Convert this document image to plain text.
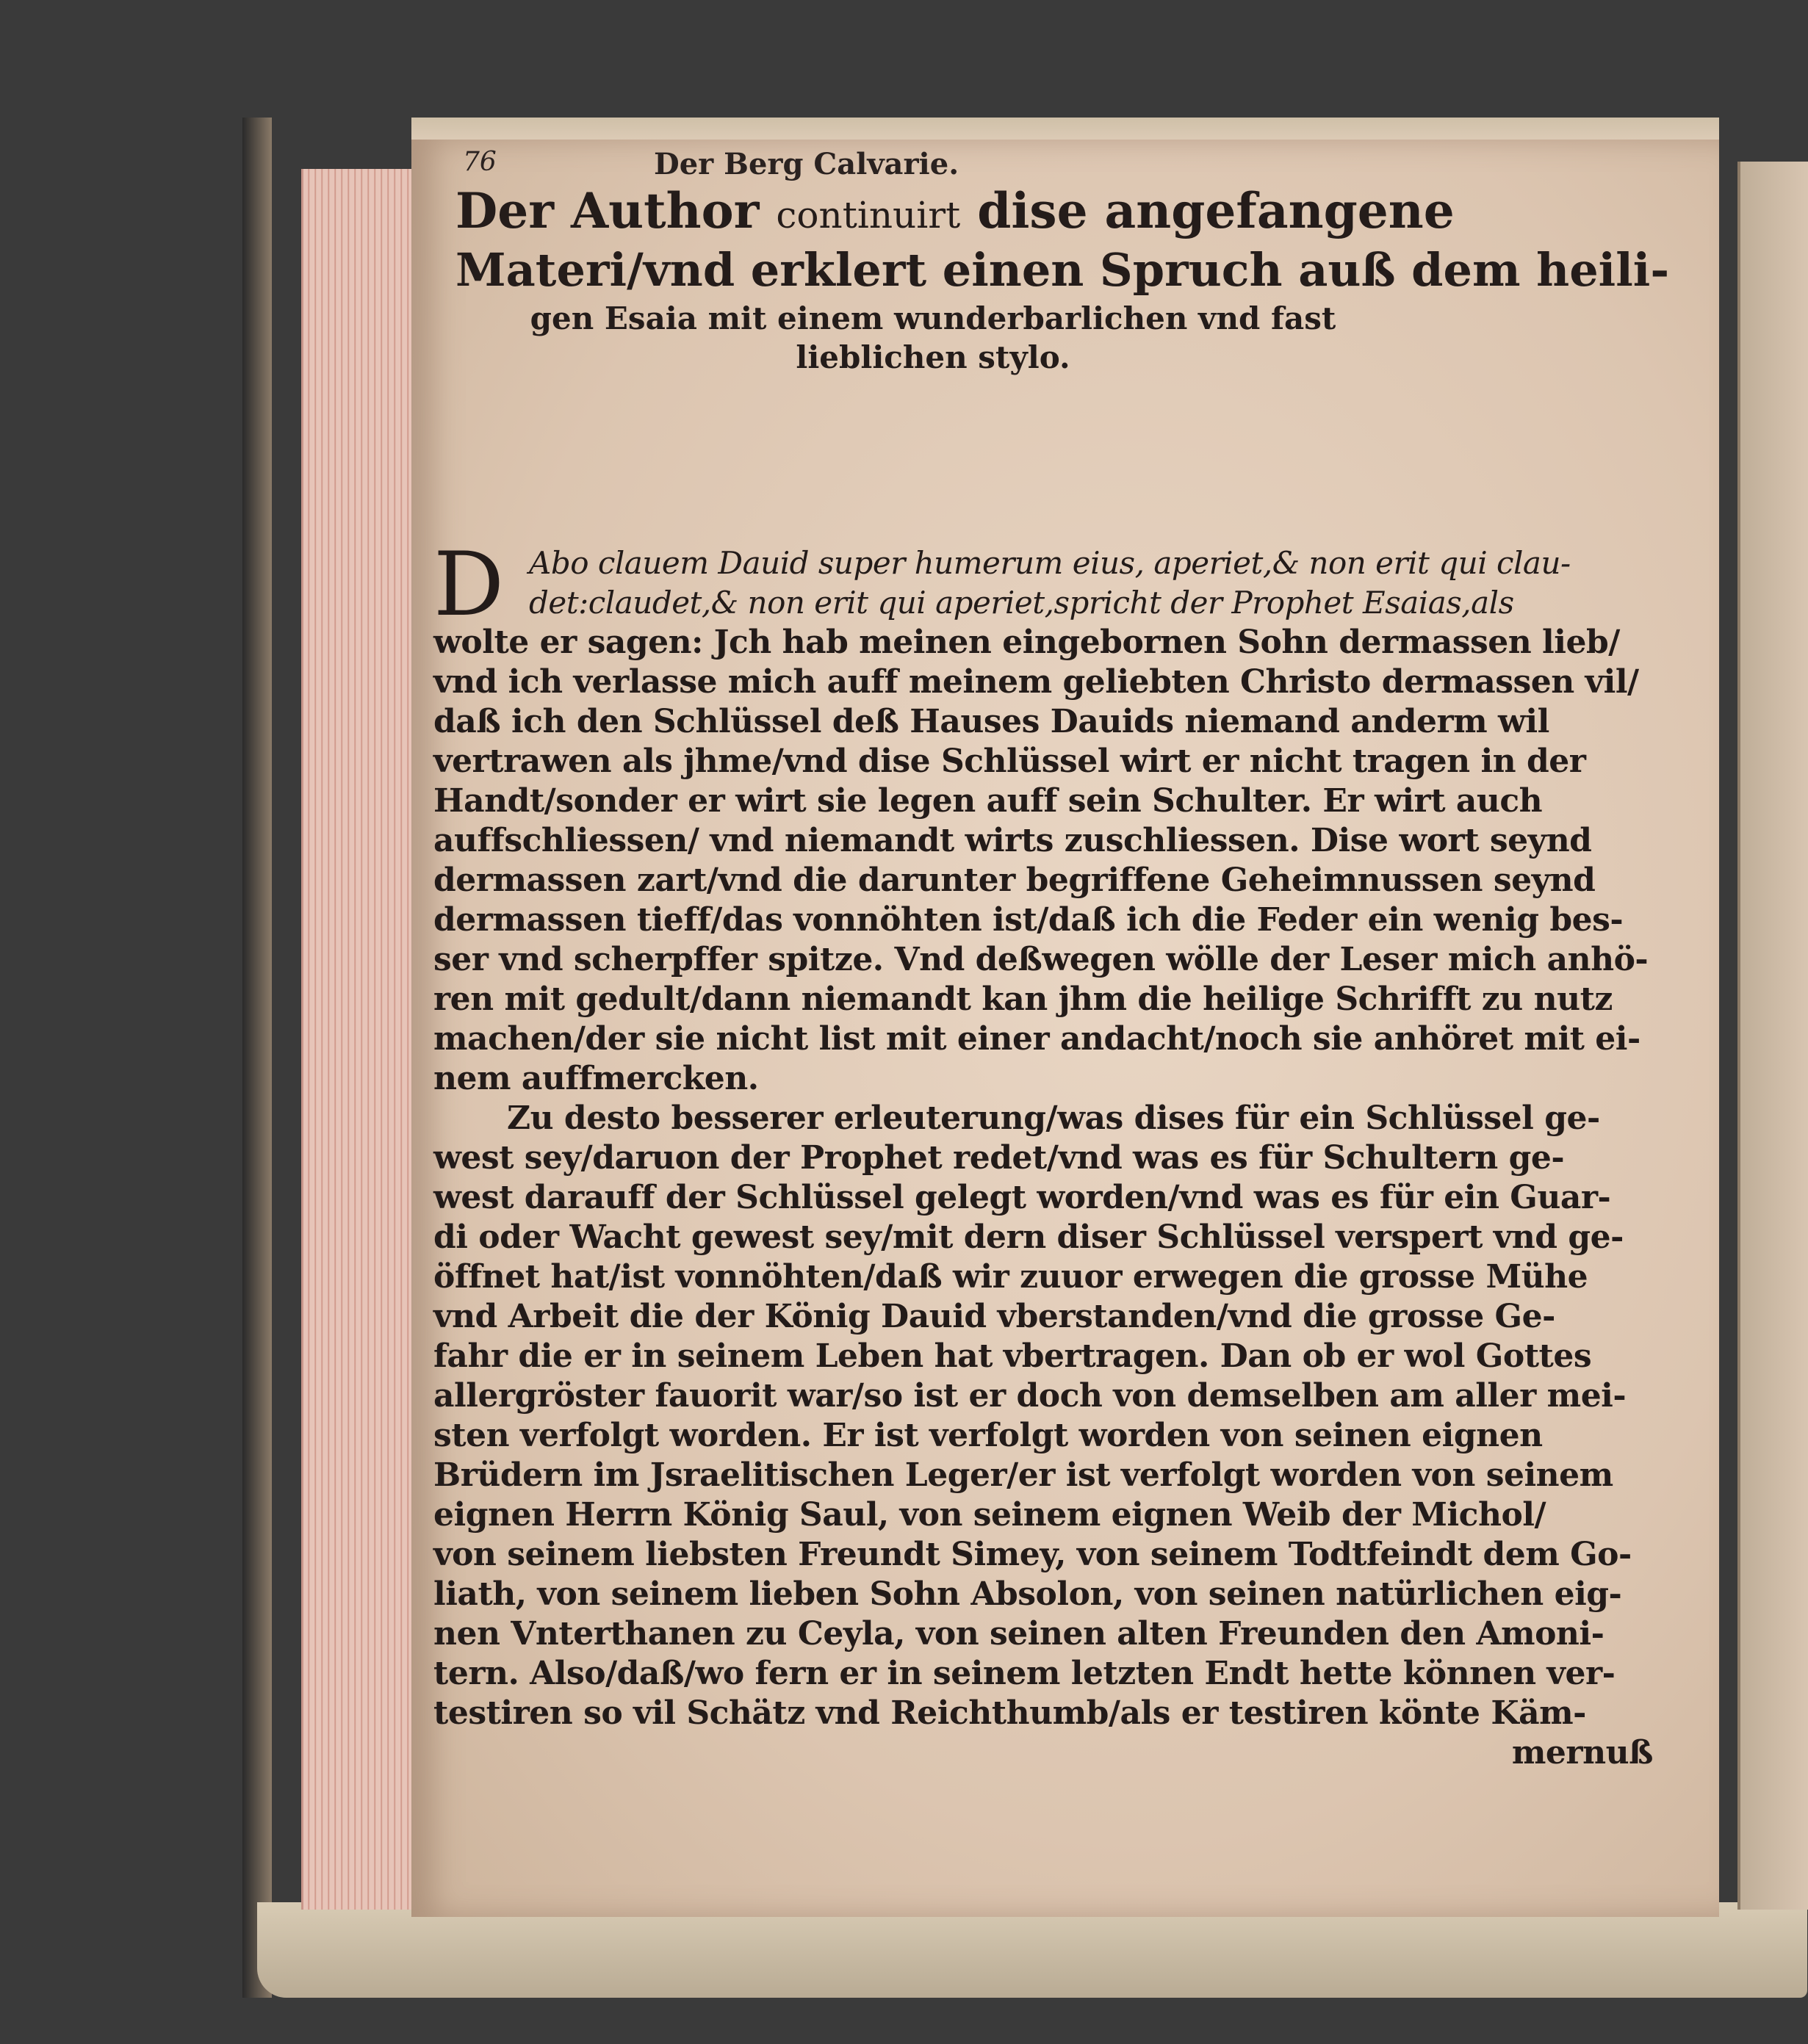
76	Der Berg Calvarie.
Der Author continuirt dise angefangene
Materi/vnd erklert einen Spruch auß dem heili-
gen Esaia mit einem wunderbarlichen vnd fast
lieblichen stylo.
D Abo clauem Dauid super humerum eius, aperiet,& non erit qui clau-
det:claudet,& non erit qui aperiet,spricht der Prophet Esaias,als
wolte er sagen: Jch hab meinen eingebornen Sohn dermassen lieb/
vnd ich verlasse mich auff meinem geliebten Christo dermassen vil/
daß ich den Schlüssel deß Hauses Dauids niemand anderm wil
vertrawen als jhme/vnd dise Schlüssel wirt er nicht tragen in der
Handt/sonder er wirt sie legen auff sein Schulter. Er wirt auch
auffschliessen/ vnd niemandt wirts zuschliessen. Dise wort seynd
dermassen zart/vnd die darunter begriffene Geheimnussen seynd
dermassen tieff/das vonnöhten ist/daß ich die Feder ein wenig bes-
ser vnd scherpffer spitze. Vnd deßwegen wölle der Leser mich anhö-
ren mit gedult/dann niemandt kan jhm die heilige Schrifft zu nutz
machen/der sie nicht list mit einer andacht/noch sie anhöret mit ei-
nem auffmercken.
Zu desto besserer erleuterung/was dises für ein Schlüssel ge-
west sey/daruon der Prophet redet/vnd was es für Schultern ge-
west darauff der Schlüssel gelegt worden/vnd was es für ein Guar-
di oder Wacht gewest sey/mit dern diser Schlüssel verspert vnd ge-
öffnet hat/ist vonnöhten/daß wir zuuor erwegen die grosse Mühe
vnd Arbeit die der König Dauid vberstanden/vnd die grosse Ge-
fahr die er in seinem Leben hat vbertragen. Dan ob er wol Gottes
allergröster fauorit war/so ist er doch von demselben am aller mei-
sten verfolgt worden. Er ist verfolgt worden von seinen eignen
Brüdern im Jsraelitischen Leger/er ist verfolgt worden von seinem
eignen Herrn König Saul, von seinem eignen Weib der Michol/
von seinem liebsten Freundt Simey, von seinem Todtfeindt dem Go-
liath, von seinem lieben Sohn Absolon, von seinen natürlichen eig-
nen Vnterthanen zu Ceyla, von seinen alten Freunden den Amoni-
tern. Also/daß/wo fern er in seinem letzten Endt hette können ver-
testiren so vil Schätz vnd Reichthumb/als er testiren könte Käm-
mernuß
